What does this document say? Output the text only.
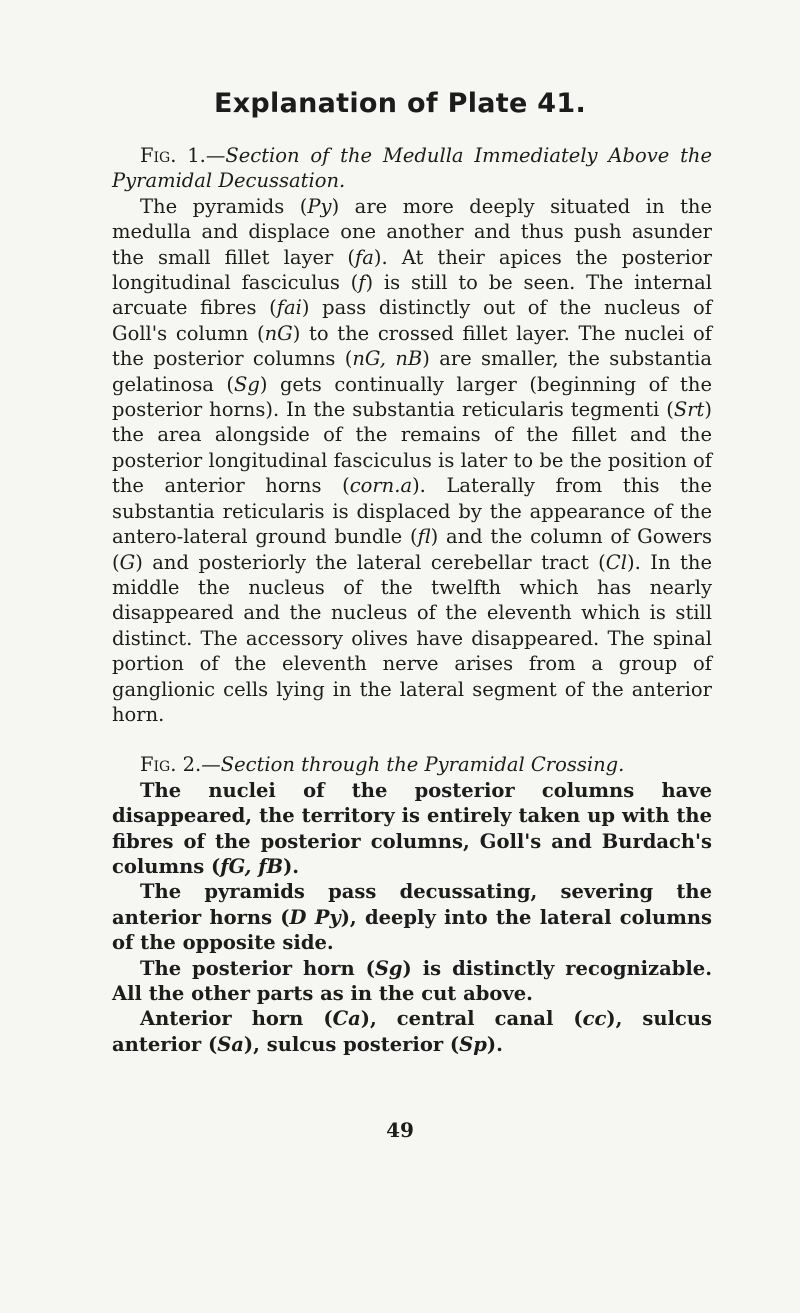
Explanation of Plate 41.

Fig. 1.—Section of the Medulla Immediately Above the Pyramidal Decussation.

The pyramids (Py) are more deeply situated in the medulla and displace one another and thus push asunder the small fillet layer (fa). At their apices the posterior longitudinal fasciculus (f) is still to be seen. The internal arcuate fibres (fai) pass distinctly out of the nucleus of Goll's column (nG) to the crossed fillet layer. The nuclei of the posterior columns (nG, nB) are smaller, the substantia gelatinosa (Sg) gets continually larger (beginning of the posterior horns). In the substantia reticularis tegmenti (Srt) the area alongside of the remains of the fillet and the posterior longitudinal fasciculus is later to be the position of the anterior horns (corn.a). Laterally from this the substantia reticularis is displaced by the appearance of the antero-lateral ground bundle (fl) and the column of Gowers (G) and posteriorly the lateral cerebellar tract (Cl). In the middle the nucleus of the twelfth which has nearly disappeared and the nucleus of the eleventh which is still distinct. The accessory olives have disappeared. The spinal portion of the eleventh nerve arises from a group of ganglionic cells lying in the lateral segment of the anterior horn.

Fig. 2.—Section through the Pyramidal Crossing.

The nuclei of the posterior columns have disappeared, the territory is entirely taken up with the fibres of the posterior columns, Goll's and Burdach's columns (fG, fB).

The pyramids pass decussating, severing the anterior horns (D Py), deeply into the lateral columns of the opposite side.

The posterior horn (Sg) is distinctly recognizable. All the other parts as in the cut above.

Anterior horn (Ca), central canal (cc), sulcus anterior (Sa), sulcus posterior (Sp).

49
